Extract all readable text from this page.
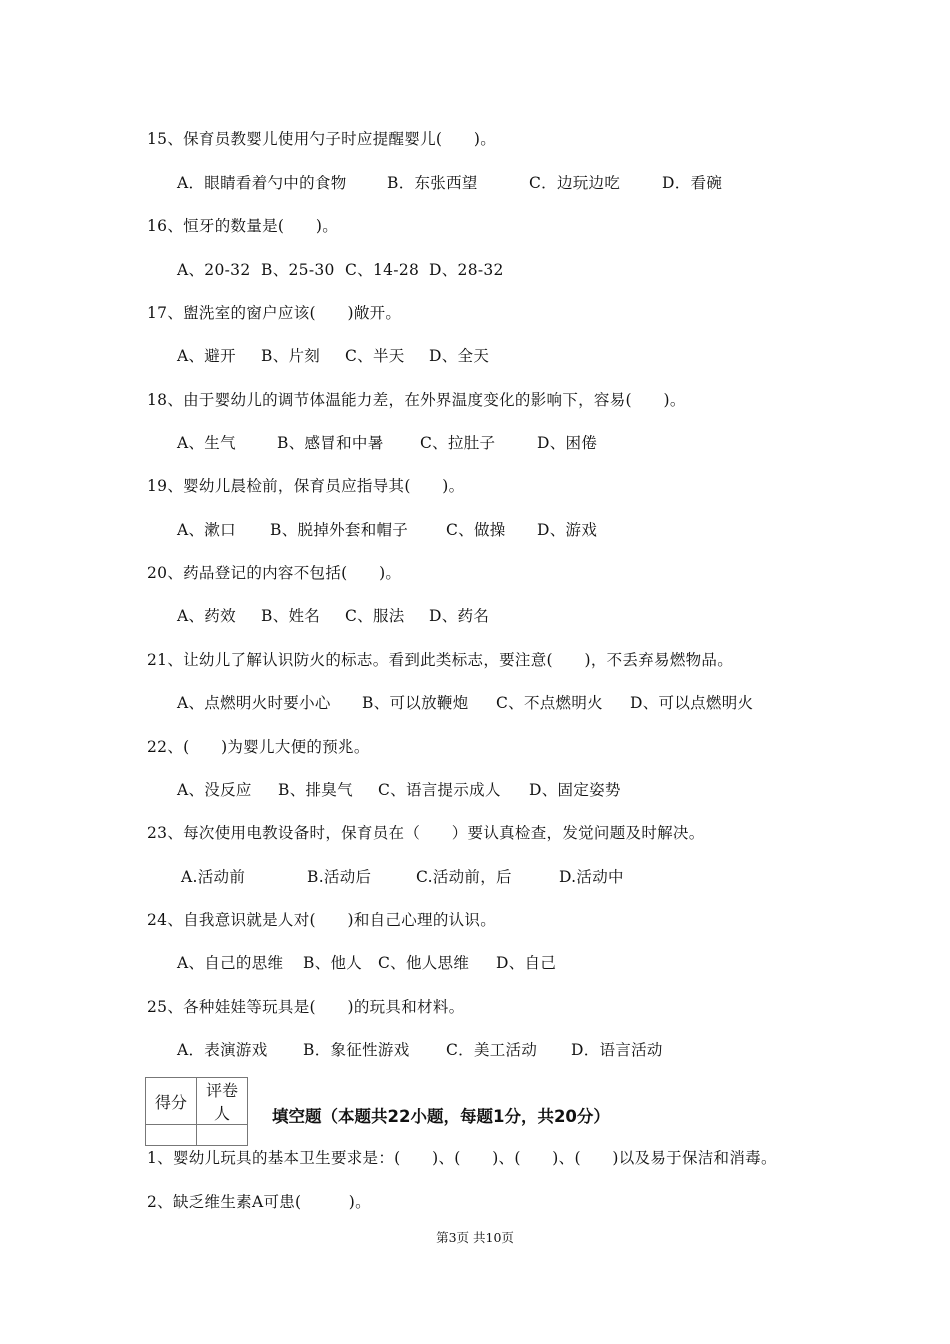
15、保育员教婴儿使用勺子时应提醒婴儿(　　)。
A．眼睛看着勺中的食物	B．东张西望	C．边玩边吃	D．看碗
16、恒牙的数量是(　　)。
A、20-32 B、25-30 C、14-28 D、28-32
17、盥洗室的窗户应该(　　)敞开。
A、避开 B、片刻 C、半天 D、全天
18、由于婴幼儿的调节体温能力差，在外界温度变化的影响下，容易(　　)。
A、生气	B、感冒和中暑 C、拉肚子	D、困倦
19、婴幼儿晨检前，保育员应指导其(　　)。
A、漱口 B、脱掉外套和帽子 C、做操 D、游戏
20、药品登记的内容不包括(　　)。
A、药效 B、姓名 C、服法 D、药名
21、让幼儿了解认识防火的标志。看到此类标志，要注意(　　)，不丢弃易燃物品。
A、点燃明火时要小心 B、可以放鞭炮 C、不点燃明火 D、可以点燃明火
22、(　　)为婴儿大便的预兆。
A、没反应 B、排臭气 C、语言提示成人 D、固定姿势
23、每次使用电教设备时，保育员在（　　）要认真检查，发觉问题及时解决。
A.活动前	B.活动后	C.活动前，后	D.活动中
24、自我意识就是人对(　　)和自己心理的认识。
A、自己的思维 B、他人 C、他人思维 D、自己
25、各种娃娃等玩具是(　　)的玩具和材料。
A．表演游戏 B．象征性游戏 C．美工活动 D．语言活动
得分	评卷人
		填空题（本题共22小题，每题1分，共20分）
1、婴幼儿玩具的基本卫生要求是：(　　)、(　　)、(　　)、(　　)以及易于保洁和消毒。
2、缺乏维生素A可患(　　　)。
第3页 共10页
